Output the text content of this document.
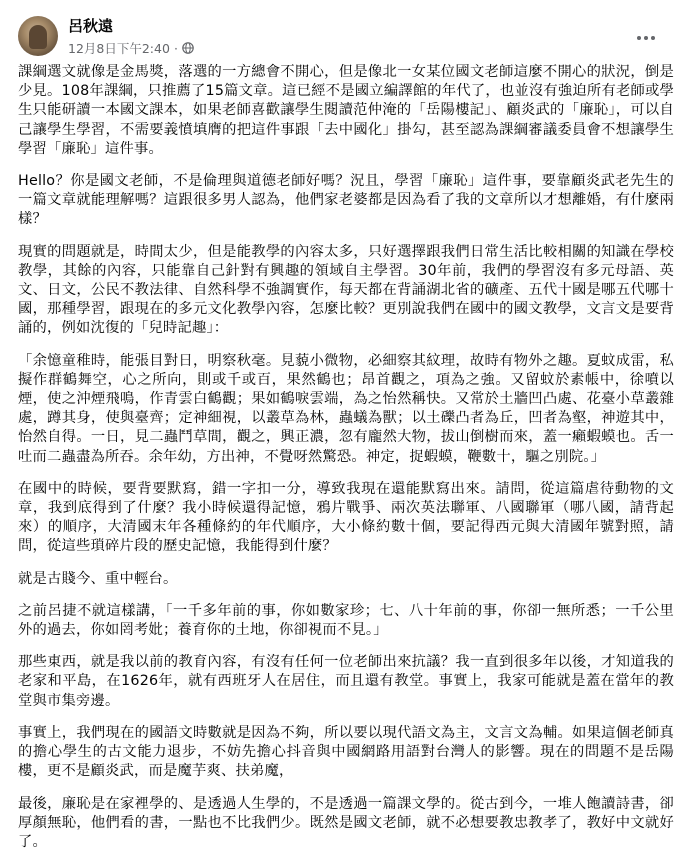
呂秋遠
12月8日下午2:40 ·

課綱選文就像是金馬獎，落選的一方總會不開心，但是像北一女某位國文老師這麼不開心的狀況，倒是少見。108年課綱，只推薦了15篇文章。這已經不是國立編譯館的年代了，也並沒有強迫所有老師或學生只能研讀一本國文課本，如果老師喜歡讓學生閱讀范仲淹的「岳陽樓記」、顧炎武的「廉恥」，可以自己讓學生學習，不需要義憤填膺的把這件事跟「去中國化」掛勾，甚至認為課綱審議委員會不想讓學生學習「廉恥」這件事。

Hello？你是國文老師，不是倫理與道德老師好嗎？況且，學習「廉恥」這件事，要靠顧炎武老先生的一篇文章就能理解嗎？這跟很多男人認為，他們家老婆都是因為看了我的文章所以才想離婚，有什麼兩樣？

現實的問題就是，時間太少，但是能教學的內容太多，只好選擇跟我們日常生活比較相關的知識在學校教學，其餘的內容，只能靠自己針對有興趣的領域自主學習。30年前，我們的學習沒有多元母語、英文、日文，公民不教法律、自然科學不強調實作，每天都在背誦湖北省的礦產、五代十國是哪五代哪十國，那種學習，跟現在的多元文化教學內容，怎麼比較？更別說我們在國中的國文教學，文言文是要背誦的，例如沈復的「兒時記趣」：

「余憶童稚時，能張目對日，明察秋毫。見藐小微物，必細察其紋理，故時有物外之趣。夏蚊成雷，私擬作群鶴舞空，心之所向，則或千或百，果然鶴也；昂首觀之，項為之強。又留蚊於素帳中，徐噴以煙，使之沖煙飛鳴，作青雲白鶴觀；果如鶴唳雲端，為之怡然稱快。又常於土牆凹凸處、花臺小草叢雜處，蹲其身，使與臺齊；定神細視，以叢草為林，蟲蟻為獸；以土礫凸者為丘，凹者為壑，神遊其中，怡然自得。一日，見二蟲鬥草間，觀之，興正濃，忽有龐然大物，拔山倒樹而來，蓋一癩蝦蟆也。舌一吐而二蟲盡為所吞。余年幼，方出神，不覺呀然驚恐。神定，捉蝦蟆，鞭數十，驅之別院。」

在國中的時候，要背要默寫，錯一字扣一分，導致我現在還能默寫出來。請問，從這篇虐待動物的文章，我到底得到了什麼？我小時候還得記憶，鴉片戰爭、兩次英法聯軍、八國聯軍（哪八國，請背起來）的順序，大清國末年各種條約的年代順序，大小條約數十個，要記得西元與大清國年號對照，請問，從這些瑣碎片段的歷史記憶，我能得到什麼？

就是古賤今、重中輕台。

之前呂捷不就這樣講，「一千多年前的事，你如數家珍；七、八十年前的事，你卻一無所悉；一千公里外的過去，你如罔考妣；養育你的土地，你卻視而不見。」

那些東西，就是我以前的教育內容，有沒有任何一位老師出來抗議？我一直到很多年以後，才知道我的老家和平島，在1626年，就有西班牙人在居住，而且還有教堂。事實上，我家可能就是蓋在當年的教堂與市集旁邊。

事實上，我們現在的國語文時數就是因為不夠，所以要以現代語文為主，文言文為輔。如果這個老師真的擔心學生的古文能力退步，不妨先擔心抖音與中國網路用語對台灣人的影響。現在的問題不是岳陽樓，更不是顧炎武，而是魔芋爽、扶弟魔，

最後，廉恥是在家裡學的、是透過人生學的，不是透過一篇課文學的。從古到今，一堆人飽讀詩書，卻厚顏無恥，他們看的書，一點也不比我們少。既然是國文老師，就不必想要教忠教孝了，教好中文就好了。
